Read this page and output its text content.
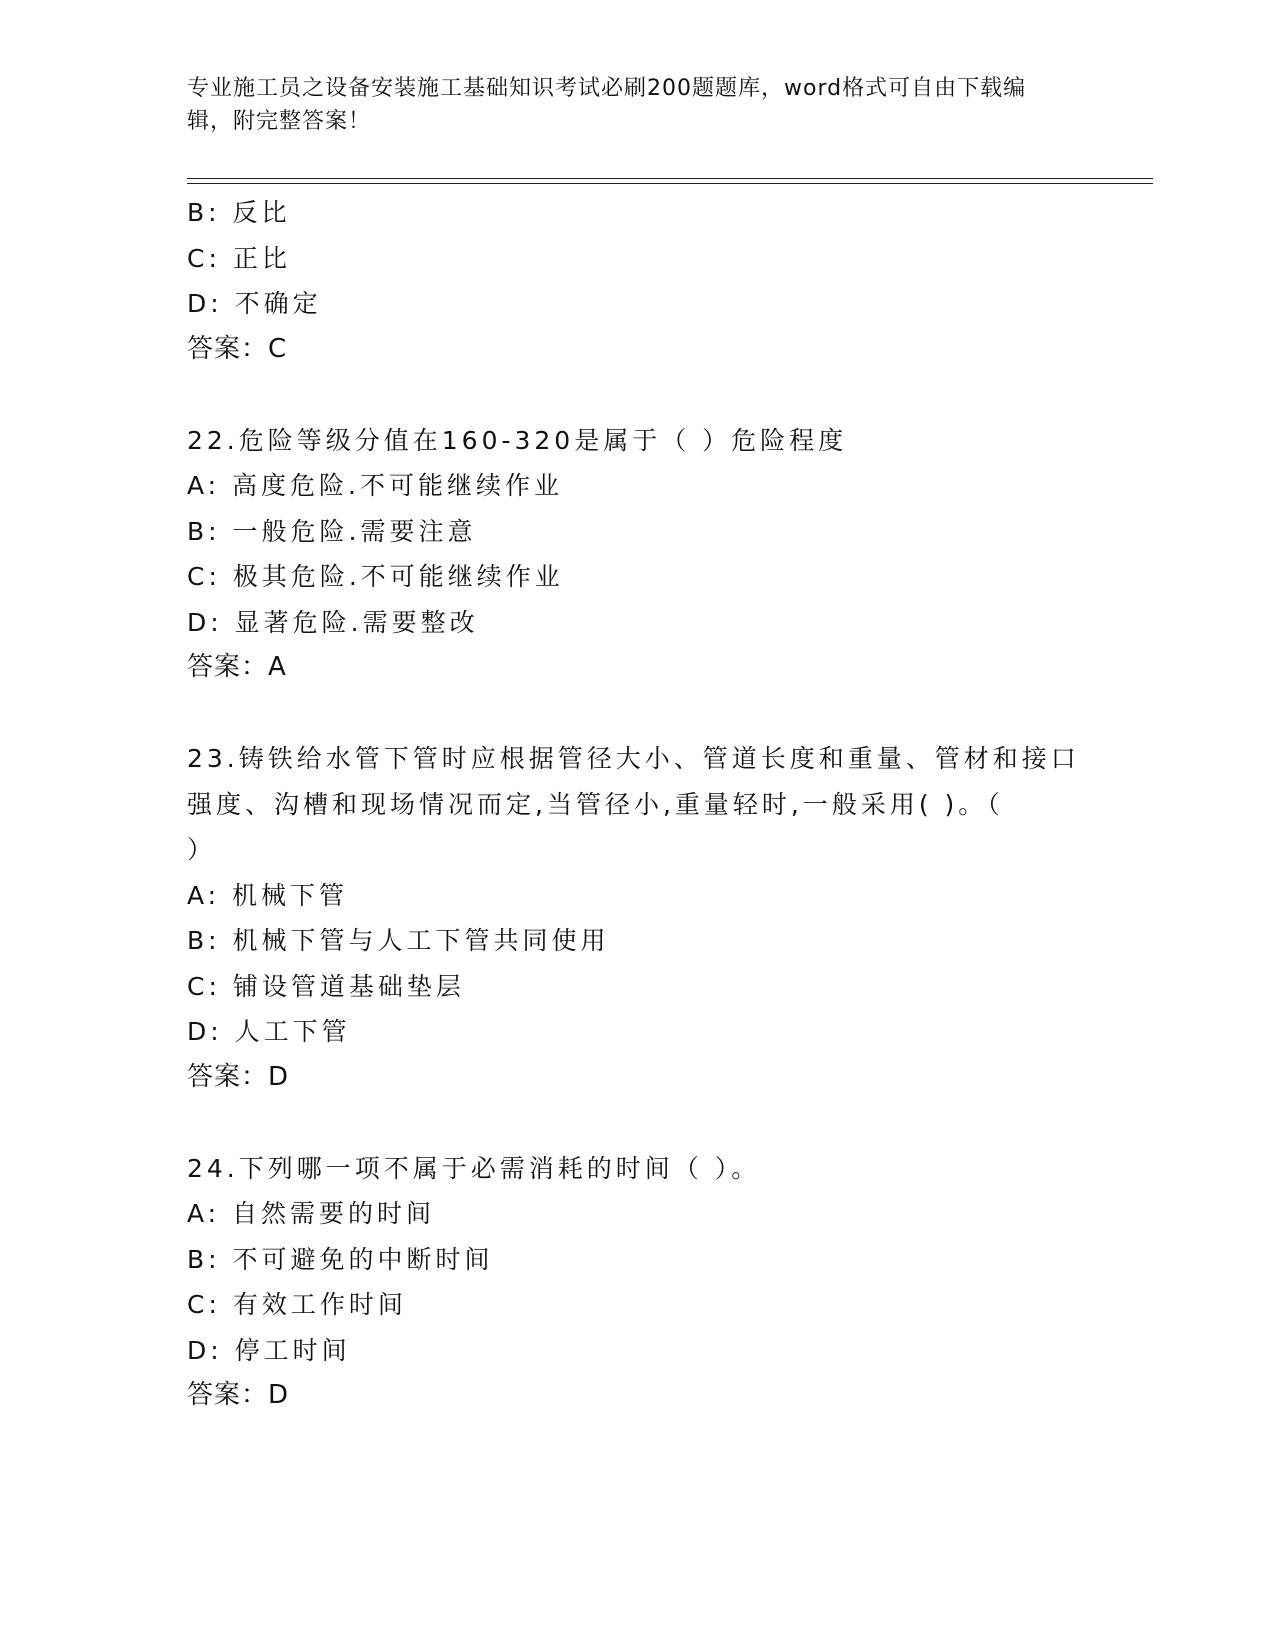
专业施工员之设备安装施工基础知识考试必刷200题题库，word格式可自由下载编辑，附完整答案！
B: 反比
C: 正比
D: 不确定
答案：C
22.危险等级分值在160-320是属于（ ）危险程度
A: 高度危险.不可能继续作业
B: 一般危险.需要注意
C: 极其危险.不可能继续作业
D: 显著危险.需要整改
答案：A
23.铸铁给水管下管时应根据管径大小、管道长度和重量、管材和接口
强度、沟槽和现场情况而定,当管径小,重量轻时,一般采用( )。（
）
A: 机械下管
B: 机械下管与人工下管共同使用
C: 铺设管道基础垫层
D: 人工下管
答案：D
24.下列哪一项不属于必需消耗的时间（ ）。
A: 自然需要的时间
B: 不可避免的中断时间
C: 有效工作时间
D: 停工时间
答案：D
